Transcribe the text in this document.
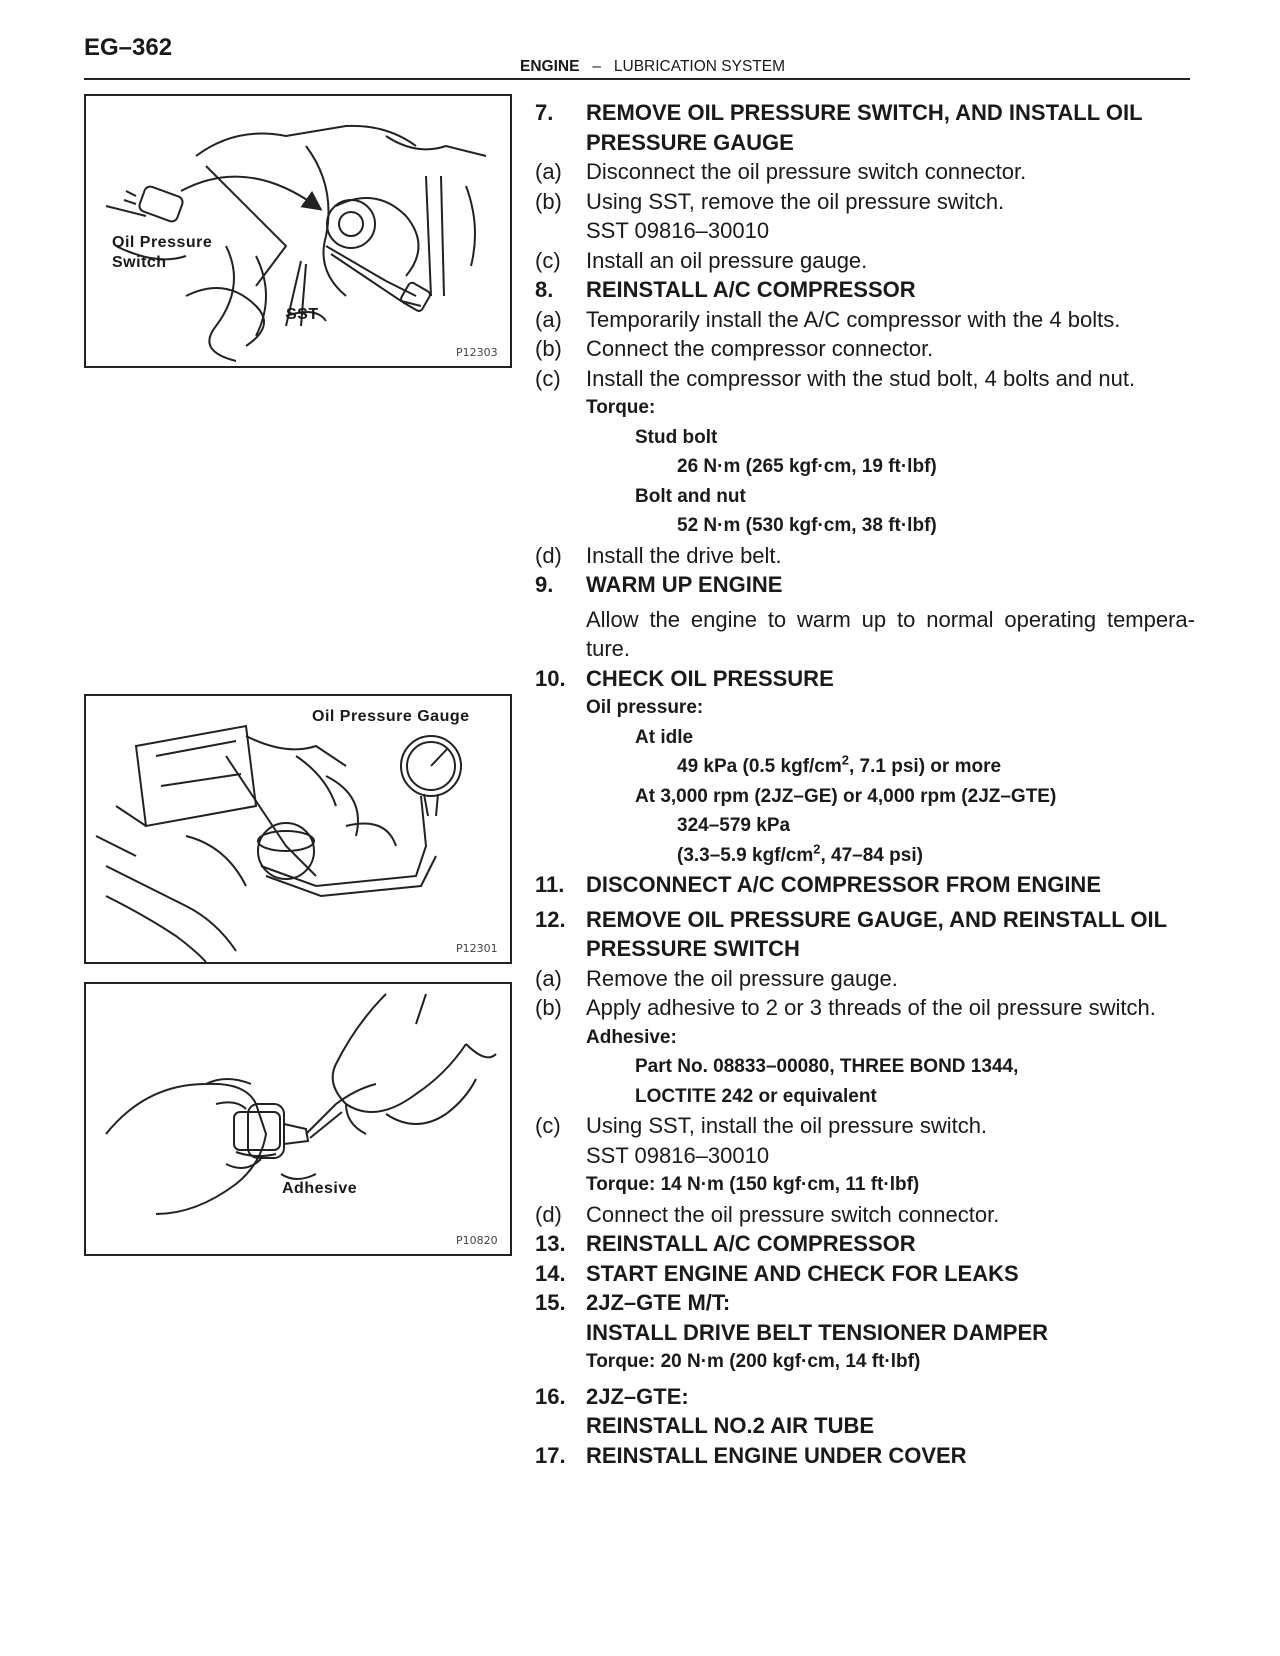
EG–362
ENGINE – LUBRICATION SYSTEM
Oil Pressure
Switch
SST
P12303
Oil Pressure Gauge
P12301
Adhesive
P10820
7. REMOVE OIL PRESSURE SWITCH, AND INSTALL OIL PRESSURE GAUGE
(a) Disconnect the oil pressure switch connector.
(b) Using SST, remove the oil pressure switch.
SST 09816–30010
(c) Install an oil pressure gauge.
8. REINSTALL A/C COMPRESSOR
(a) Temporarily install the A/C compressor with the 4 bolts.
(b) Connect the compressor connector.
(c) Install the compressor with the stud bolt, 4 bolts and nut.
Torque:
Stud bolt
26 N·m (265 kgf·cm, 19 ft·lbf)
Bolt and nut
52 N·m (530 kgf·cm, 38 ft·lbf)
(d) Install the drive belt.
9. WARM UP ENGINE
Allow the engine to warm up to normal operating tempera- ture.
10. CHECK OIL PRESSURE
Oil pressure:
At idle
49 kPa (0.5 kgf/$cm^2$, 7.1 psi) or more
At 3,000 rpm (2JZ–GE) or 4,000 rpm (2JZ–GTE)
324–579 kPa
(3.3–5.9 kgf/$cm^2$, 47–84 psi)
11. DISCONNECT A/C COMPRESSOR FROM ENGINE
12. REMOVE OIL PRESSURE GAUGE, AND REINSTALL OIL PRESSURE SWITCH
(a) Remove the oil pressure gauge.
(b) Apply adhesive to 2 or 3 threads of the oil pressure switch.
Adhesive:
Part No. 08833–00080, THREE BOND 1344,
LOCTITE 242 or equivalent
(c) Using SST, install the oil pressure switch.
SST 09816–30010
Torque: 14 N·m (150 kgf·cm, 11 ft·lbf)
(d) Connect the oil pressure switch connector.
13. REINSTALL A/C COMPRESSOR
14. START ENGINE AND CHECK FOR LEAKS
15. 2JZ–GTE M/T:
INSTALL DRIVE BELT TENSIONER DAMPER
Torque: 20 N·m (200 kgf·cm, 14 ft·lbf)
16. 2JZ–GTE:
REINSTALL NO.2 AIR TUBE
17. REINSTALL ENGINE UNDER COVER
